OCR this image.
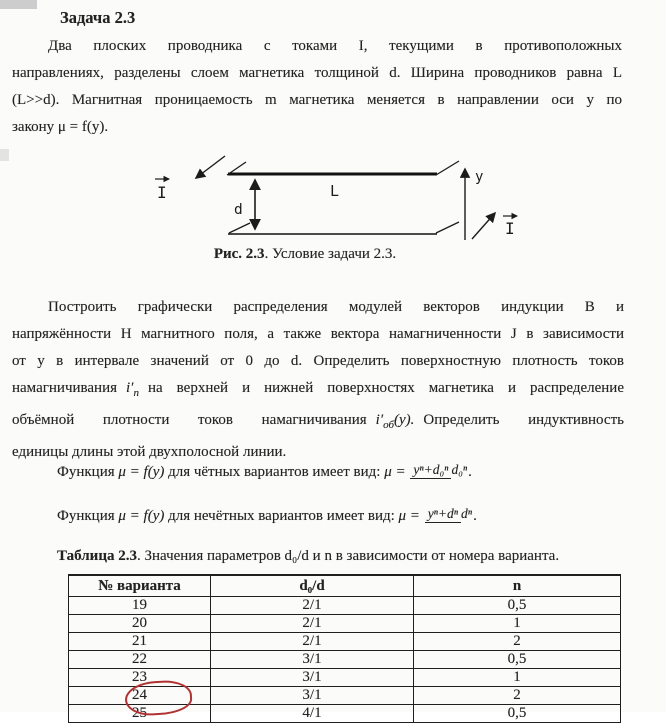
Задача 2.3
Два плоских проводника с токами I, текущими в противоположных
направлениях, разделены слоем магнетика толщиной d. Ширина проводников равна L
(L>>d). Магнитная проницаемость m магнетика меняется в направлении оси y по
закону μ = f(y).
I
d
L
y
I
Рис. 2.3. Условие задачи 2.3.
Построить графически распределения модулей векторов индукции B и
напряжённости H магнитного поля, а также вектора намагниченности J в зависимости
от y в интервале значений от 0 до d. Определить поверхностную плотность токов
намагничивания $i'_п$ на верхней и нижней поверхностях магнетика и распределение
объёмной плотности токов намагничивания $i'_{об}(y)$. Определить индуктивность
единицы длины этой двухполосной линии.
Функция μ = f(y) для чётных вариантов имеет вид: μ = yⁿ+d₀ⁿ d₀ⁿ.
Функция μ = f(y) для нечётных вариантов имеет вид: μ = yⁿ+dⁿ dⁿ.
Таблица 2.3. Значения параметров d₀/d и n в зависимости от номера варианта.
№ варианта	d₀/d	n
19	2/1	0,5
20	2/1	1
21	2/1	2
22	3/1	0,5
23	3/1	1
24	3/1	2
25	4/1	0,5
